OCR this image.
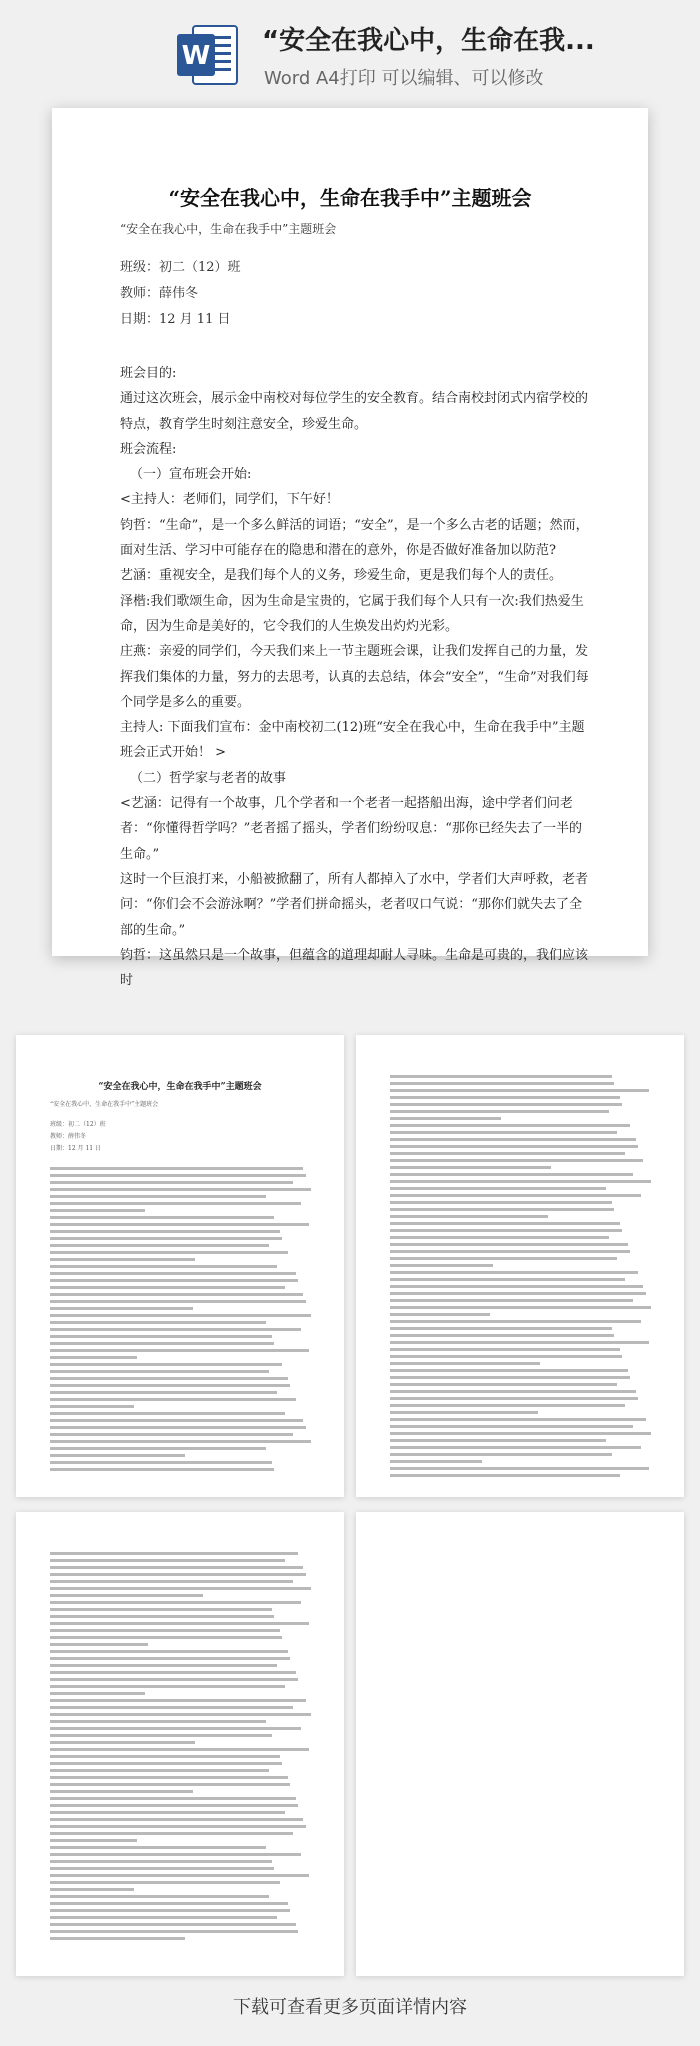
W “安全在我心中，生命在我...
Word A4打印 可以编辑、可以修改
“安全在我心中，生命在我手中”主题班会
“安全在我心中，生命在我手中”主题班会
班级：初二（12）班
教师：薛伟冬
日期：12 月 11 日

班会目的:

通过这次班会，展示金中南校对每位学生的安全教育。结合南校封闭式内宿学校的特点，教育学生时刻注意安全，珍爱生命。

班会流程:

（一）宣布班会开始:

<主持人：老师们，同学们，下午好！

钧哲：“生命”，是一个多么鲜活的词语；“安全”，是一个多么古老的话题；然而，面对生活、学习中可能存在的隐患和潜在的意外，你是否做好准备加以防范?

艺涵：重视安全，是我们每个人的义务，珍爱生命，更是我们每个人的责任。

泽楷:我们歌颂生命，因为生命是宝贵的，它属于我们每个人只有一次:我们热爱生命，因为生命是美好的，它令我们的人生焕发出灼灼光彩。

庄燕：亲爱的同学们，今天我们来上一节主题班会课，让我们发挥自己的力量，发挥我们集体的力量，努力的去思考，认真的去总结，体会“安全”，“生命”对我们每个同学是多么的重要。

主持人: 下面我们宣布：金中南校初二(12)班“安全在我心中，生命在我手中”主题班会正式开始！ >

（二）哲学家与老者的故事

<艺涵：记得有一个故事，几个学者和一个老者一起搭船出海，途中学者们问老者：“你懂得哲学吗？”老者摇了摇头，学者们纷纷叹息：“那你已经失去了一半的生命。”

这时一个巨浪打来，小船被掀翻了，所有人都掉入了水中，学者们大声呼救，老者问：“你们会不会游泳啊？”学者们拼命摇头，老者叹口气说：“那你们就失去了全部的生命。”

钧哲：这虽然只是一个故事，但蕴含的道理却耐人寻味。生命是可贵的，我们应该时

“安全在我心中，生命在我手中”主题班会
“安全在我心中，生命在我手中”主题班会
班级：初二（12）班
教师：薛伟冬
日期：12 月 11 日
下载可查看更多页面详情内容
